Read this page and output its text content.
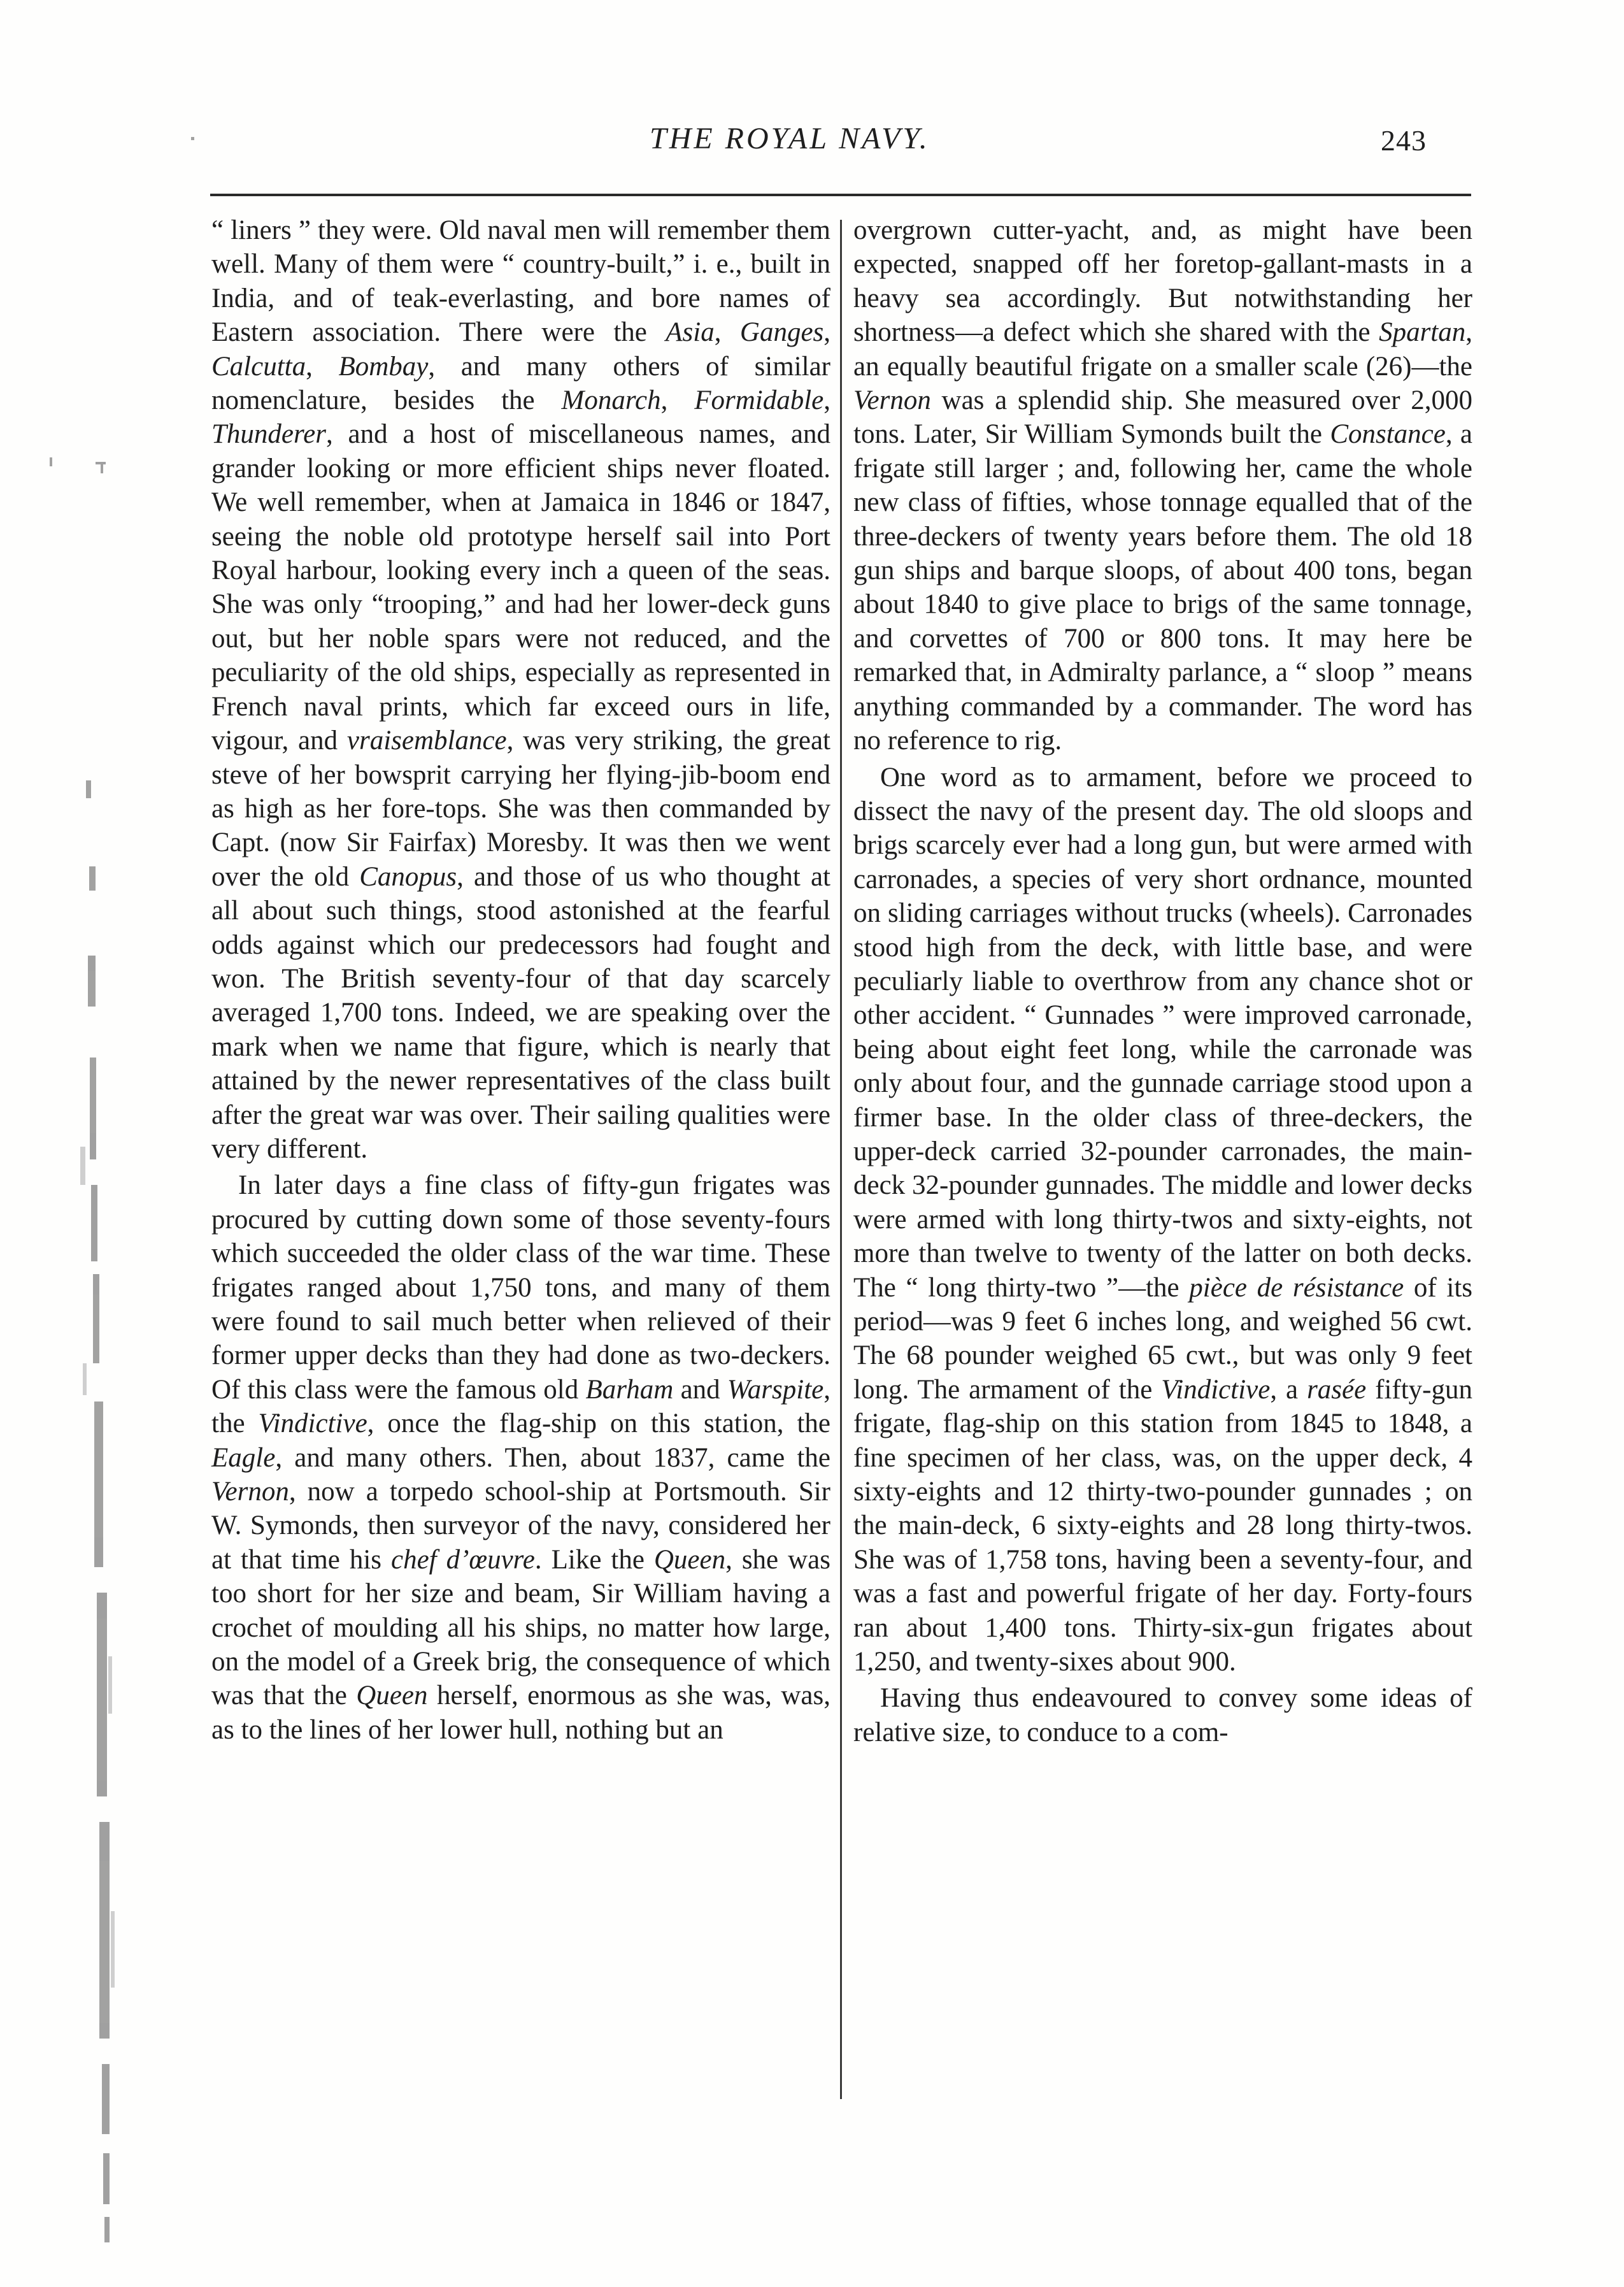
THE ROYAL NAVY.	243

“ liners ” they were. Old naval men will remember them well. Many of them were “ country-built,” i. e., built in India, and of teak-everlasting, and bore names of Eastern association. There were the Asia, Ganges, Calcutta, Bombay, and many others of similar nomenclature, besides the Monarch, Formidable, Thunderer, and a host of miscellaneous names, and grander looking or more efficient ships never floated. We well remember, when at Jamaica in 1846 or 1847, seeing the noble old prototype herself sail into Port Royal harbour, looking every inch a queen of the seas. She was only “trooping,” and had her lower-deck guns out, but her noble spars were not reduced, and the peculiarity of the old ships, especially as represented in French naval prints, which far exceed ours in life, vigour, and vraisemblance, was very striking, the great steve of her bowsprit carrying her flying-jib-boom end as high as her fore-tops. She was then commanded by Capt. (now Sir Fairfax) Moresby. It was then we went over the old Canopus, and those of us who thought at all about such things, stood astonished at the fearful odds against which our predecessors had fought and won. The British seventy-four of that day scarcely averaged 1,700 tons. Indeed, we are speaking over the mark when we name that figure, which is nearly that attained by the newer representatives of the class built after the great war was over. Their sailing qualities were very different.

In later days a fine class of fifty-gun frigates was procured by cutting down some of those seventy-fours which succeeded the older class of the war time. These frigates ranged about 1,750 tons, and many of them were found to sail much better when relieved of their former upper decks than they had done as two-deckers. Of this class were the famous old Barham and Warspite, the Vindictive, once the flag-ship on this station, the Eagle, and many others. Then, about 1837, came the Vernon, now a torpedo school-ship at Portsmouth. Sir W. Symonds, then surveyor of the navy, considered her at that time his chef d’œuvre. Like the Queen, she was too short for her size and beam, Sir William having a crochet of moulding all his ships, no matter how large, on the model of a Greek brig, the consequence of which was that the Queen herself, enormous as she was, was, as to the lines of her lower hull, nothing but an

overgrown cutter-yacht, and, as might have been expected, snapped off her foretop-gallant-masts in a heavy sea accordingly. But notwithstanding her shortness—a defect which she shared with the Spartan, an equally beautiful frigate on a smaller scale (26)—the Vernon was a splendid ship. She measured over 2,000 tons. Later, Sir William Symonds built the Constance, a frigate still larger ; and, following her, came the whole new class of fifties, whose tonnage equalled that of the three-deckers of twenty years before them. The old 18 gun ships and barque sloops, of about 400 tons, began about 1840 to give place to brigs of the same tonnage, and corvettes of 700 or 800 tons. It may here be remarked that, in Admiralty parlance, a “ sloop ” means anything commanded by a commander. The word has no reference to rig.

One word as to armament, before we proceed to dissect the navy of the present day. The old sloops and brigs scarcely ever had a long gun, but were armed with carronades, a species of very short ordnance, mounted on sliding carriages without trucks (wheels). Carronades stood high from the deck, with little base, and were peculiarly liable to overthrow from any chance shot or other accident. “ Gunnades ” were improved carronade, being about eight feet long, while the carronade was only about four, and the gunnade carriage stood upon a firmer base. In the older class of three-deckers, the upper-deck carried 32-pounder carronades, the main-deck 32-pounder gunnades. The middle and lower decks were armed with long thirty-twos and sixty-eights, not more than twelve to twenty of the latter on both decks. The “ long thirty-two ”—the pièce de résistance of its period—was 9 feet 6 inches long, and weighed 56 cwt. The 68 pounder weighed 65 cwt., but was only 9 feet long. The armament of the Vindictive, a rasée fifty-gun frigate, flag-ship on this station from 1845 to 1848, a fine specimen of her class, was, on the upper deck, 4 sixty-eights and 12 thirty-two-pounder gunnades ; on the main-deck, 6 sixty-eights and 28 long thirty-twos. She was of 1,758 tons, having been a seventy-four, and was a fast and powerful frigate of her day. Forty-fours ran about 1,400 tons. Thirty-six-gun frigates about 1,250, and twenty-sixes about 900.

Having thus endeavoured to convey some ideas of relative size, to conduce to a com-
